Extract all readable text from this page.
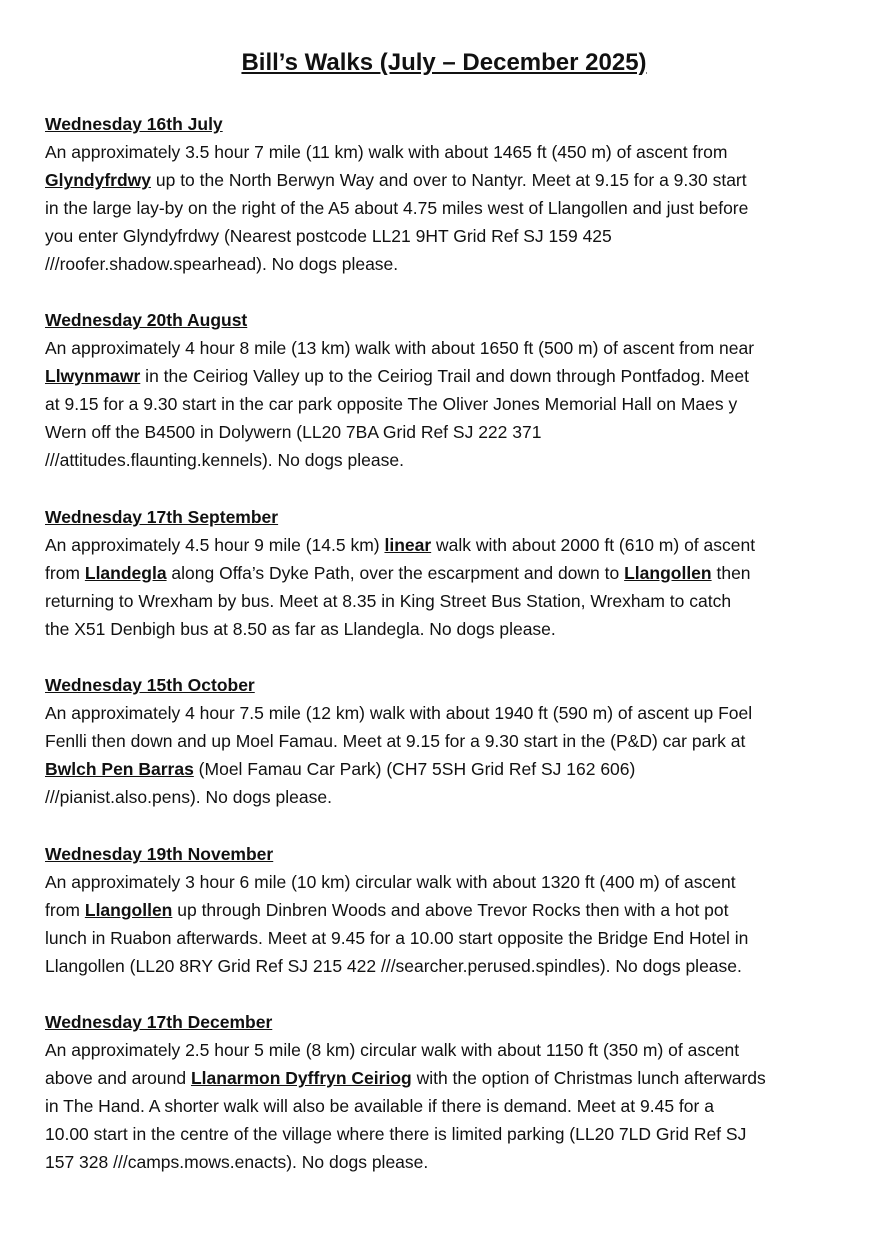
Bill’s Walks (July – December 2025)
Wednesday 16th July

An approximately 3.5 hour 7 mile (11 km) walk with about 1465 ft (450 m) of ascent from
Glyndyfrdwy up to the North Berwyn Way and over to Nantyr. Meet at 9.15 for a 9.30 start
in the large lay-by on the right of the A5 about 4.75 miles west of Llangollen and just before
you enter Glyndyfrdwy (Nearest postcode LL21 9HT Grid Ref SJ 159 425
///roofer.shadow.spearhead). No dogs please.

Wednesday 20th August

An approximately 4 hour 8 mile (13 km) walk with about 1650 ft (500 m) of ascent from near
Llwynmawr in the Ceiriog Valley up to the Ceiriog Trail and down through Pontfadog. Meet
at 9.15 for a 9.30 start in the car park opposite The Oliver Jones Memorial Hall on Maes y
Wern off the B4500 in Dolywern (LL20 7BA Grid Ref SJ 222 371
///attitudes.flaunting.kennels). No dogs please.

Wednesday 17th September

An approximately 4.5 hour 9 mile (14.5 km) linear walk with about 2000 ft (610 m) of ascent
from Llandegla along Offa’s Dyke Path, over the escarpment and down to Llangollen then
returning to Wrexham by bus. Meet at 8.35 in King Street Bus Station, Wrexham to catch
the X51 Denbigh bus at 8.50 as far as Llandegla. No dogs please.

Wednesday 15th October

An approximately 4 hour 7.5 mile (12 km) walk with about 1940 ft (590 m) of ascent up Foel
Fenlli then down and up Moel Famau. Meet at 9.15 for a 9.30 start in the (P&D) car park at
Bwlch Pen Barras (Moel Famau Car Park) (CH7 5SH Grid Ref SJ 162 606)
///pianist.also.pens). No dogs please.

Wednesday 19th November

An approximately 3 hour 6 mile (10 km) circular walk with about 1320 ft (400 m) of ascent
from Llangollen up through Dinbren Woods and above Trevor Rocks then with a hot pot
lunch in Ruabon afterwards. Meet at 9.45 for a 10.00 start opposite the Bridge End Hotel in
Llangollen (LL20 8RY Grid Ref SJ 215 422 ///searcher.perused.spindles). No dogs please.

Wednesday 17th December

An approximately 2.5 hour 5 mile (8 km) circular walk with about 1150 ft (350 m) of ascent
above and around Llanarmon Dyffryn Ceiriog with the option of Christmas lunch afterwards
in The Hand. A shorter walk will also be available if there is demand. Meet at 9.45 for a
10.00 start in the centre of the village where there is limited parking (LL20 7LD Grid Ref SJ
157 328 ///camps.mows.enacts). No dogs please.
